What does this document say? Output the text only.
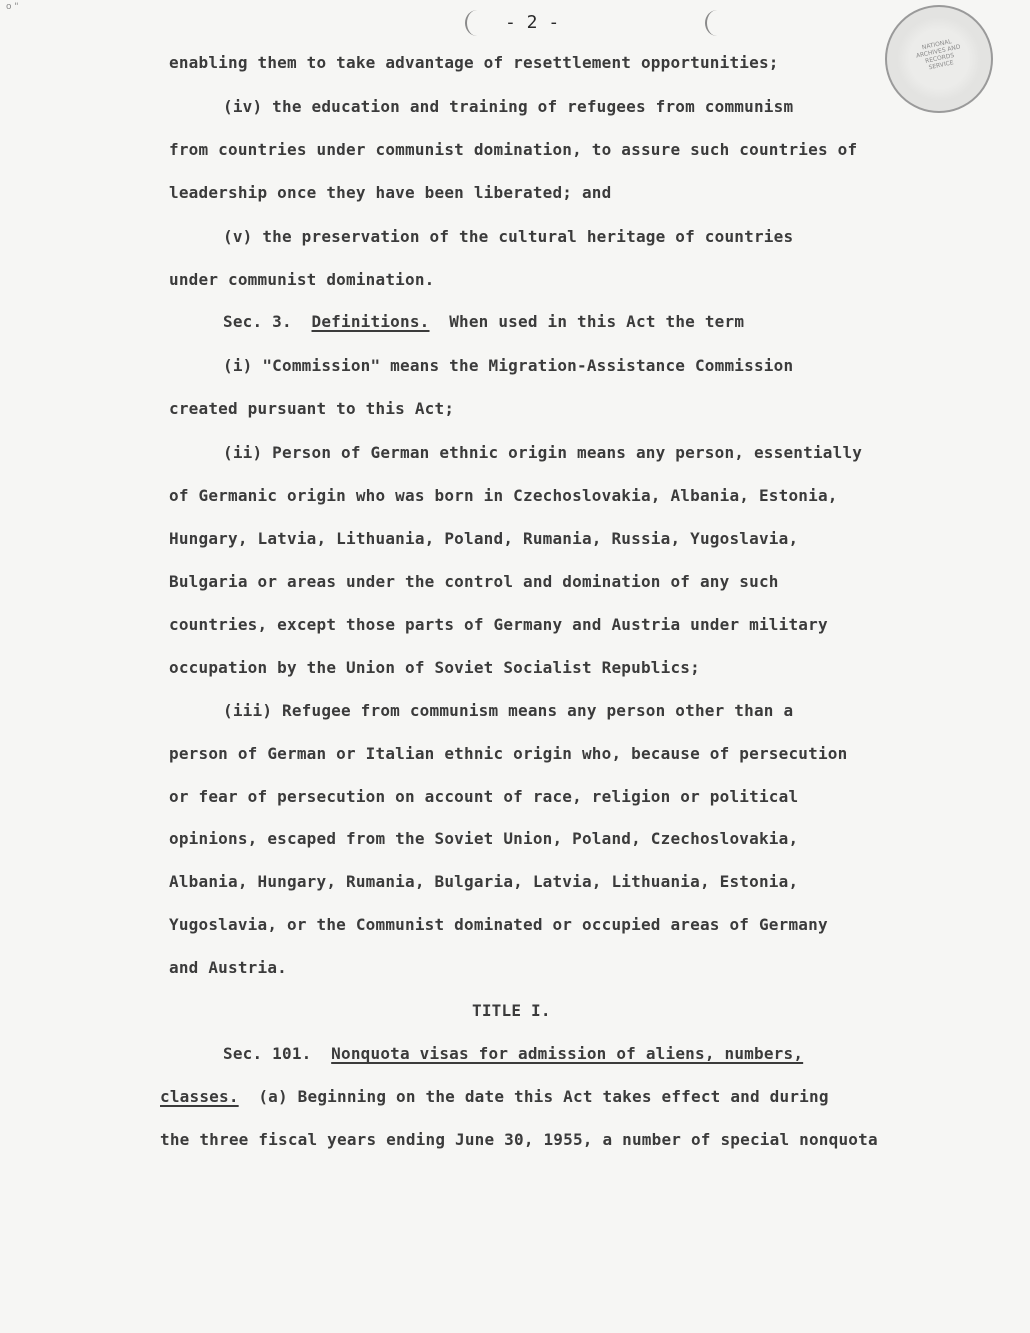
o "
- 2 -
NATIONAL
ARCHIVES AND
RECORDS
SERVICE
enabling them to take advantage of resettlement opportunities;
(iv) the education and training of refugees from communism
from countries under communist domination, to assure such countries of
leadership once they have been liberated; and
(v) the preservation of the cultural heritage of countries
under communist domination.
Sec. 3. Definitions. When used in this Act the term
(i) "Commission" means the Migration-Assistance Commission
created pursuant to this Act;
(ii) Person of German ethnic origin means any person, essentially
of Germanic origin who was born in Czechoslovakia, Albania, Estonia,
Hungary, Latvia, Lithuania, Poland, Rumania, Russia, Yugoslavia,
Bulgaria or areas under the control and domination of any such
countries, except those parts of Germany and Austria under military
occupation by the Union of Soviet Socialist Republics;
(iii) Refugee from communism means any person other than a
person of German or Italian ethnic origin who, because of persecution
or fear of persecution on account of race, religion or political
opinions, escaped from the Soviet Union, Poland, Czechoslovakia,
Albania, Hungary, Rumania, Bulgaria, Latvia, Lithuania, Estonia,
Yugoslavia, or the Communist dominated or occupied areas of Germany
and Austria.
TITLE I.
Sec. 101. Nonquota visas for admission of aliens, numbers,
classes. (a) Beginning on the date this Act takes effect and during
the three fiscal years ending June 30, 1955, a number of special nonquota
